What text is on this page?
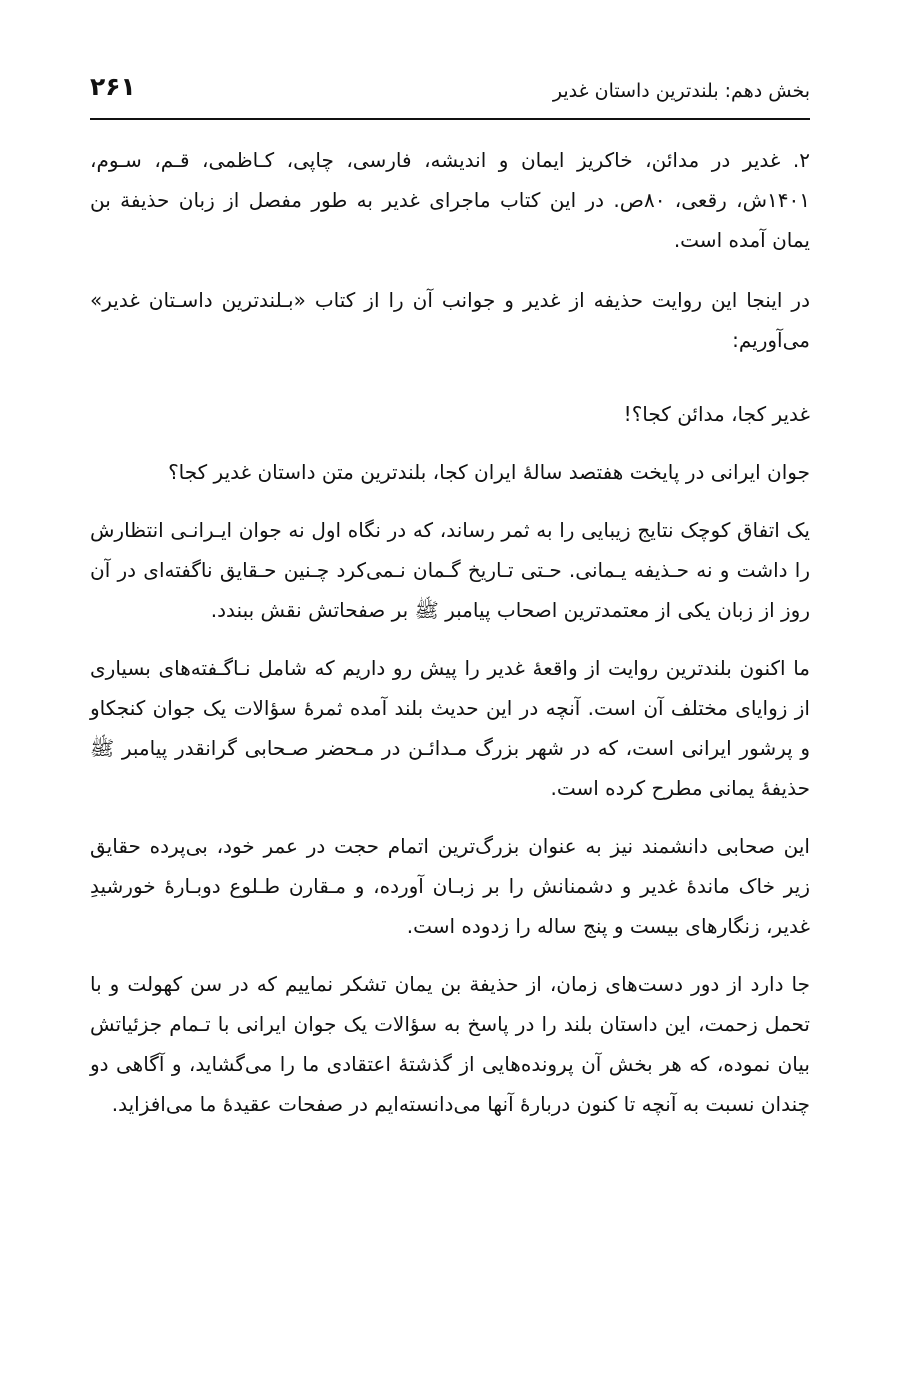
بخش دهم: بلندترین داستان غدیر
۲۶۱

۲. غدیر در مدائن، خاکریز ایمان و اندیشه، فارسی، چاپی، کـاظمی، قـم، سـوم، ۱۴۰۱ش، رقعی، ۸۰ص. در این کتاب ماجرای غدیر به طور مفصل از زبان حذیفة بن یمان آمده است.

در اینجا این روایت حذیفه از غدیر و جوانب آن را از کتاب «بـلندترین داسـتان غدیر» می‌آوریم:

غدیر کجا، مدائن کجا؟!

جوان ایرانی در پایخت هفتصد سالۀ ایران کجا، بلندترین متن داستان غدیر کجا؟

یک اتفاق کوچک نتایج زیبایی را به ثمر رساند، که در نگاه اول نه جوان ایـرانـی انتظارش را داشت و نه حـذیفه یـمانی. حـتی تـاریخ گـمان نـمی‌کرد چـنین حـقایق ناگفته‌ای در آن روز از زبان یکی از معتمدترین اصحاب پیامبر ﷺ بر صفحاتش نقش ببندد.

ما اکنون بلندترین روایت از واقعۀ غدیر را پیش رو داریم که شامل نـاگـفته‌های بسیاری از زوایای مختلف آن است. آنچه در این حدیث بلند آمده ثمرۀ سؤالات یک جوان کنجکاو و پرشور ایرانی است، که در شهر بزرگ مـدائـن در مـحضر صـحابی گرانقدر پیامبر ﷺ حذیفۀ یمانی مطرح کرده است.

این صحابی دانشمند نیز به عنوان بزرگ‌ترین اتمام حجت در عمر خود، بی‌پرده حقایق زیر خاک ماندۀ غدیر و دشمنانش را بر زبـان آورده، و مـقارن طـلوع دوبـارۀ خورشیدِ غدیر، زنگارهای بیست و پنج ساله را زدوده است.

جا دارد از دور دست‌های زمان، از حذیفة بن یمان تشکر نماییم که در سن کهولت و با تحمل زحمت، این داستان بلند را در پاسخ به سؤالات یک جوان ایرانی با تـمام جزئیاتش بیان نموده، که هر بخش آن پرونده‌هایی از گذشتۀ اعتقادی ما را می‌گشاید، و آگاهی دو چندان نسبت به آنچه تا کنون دربارۀ آنها می‌دانسته‌ایم در صفحات عقیدۀ ما می‌افزاید.
